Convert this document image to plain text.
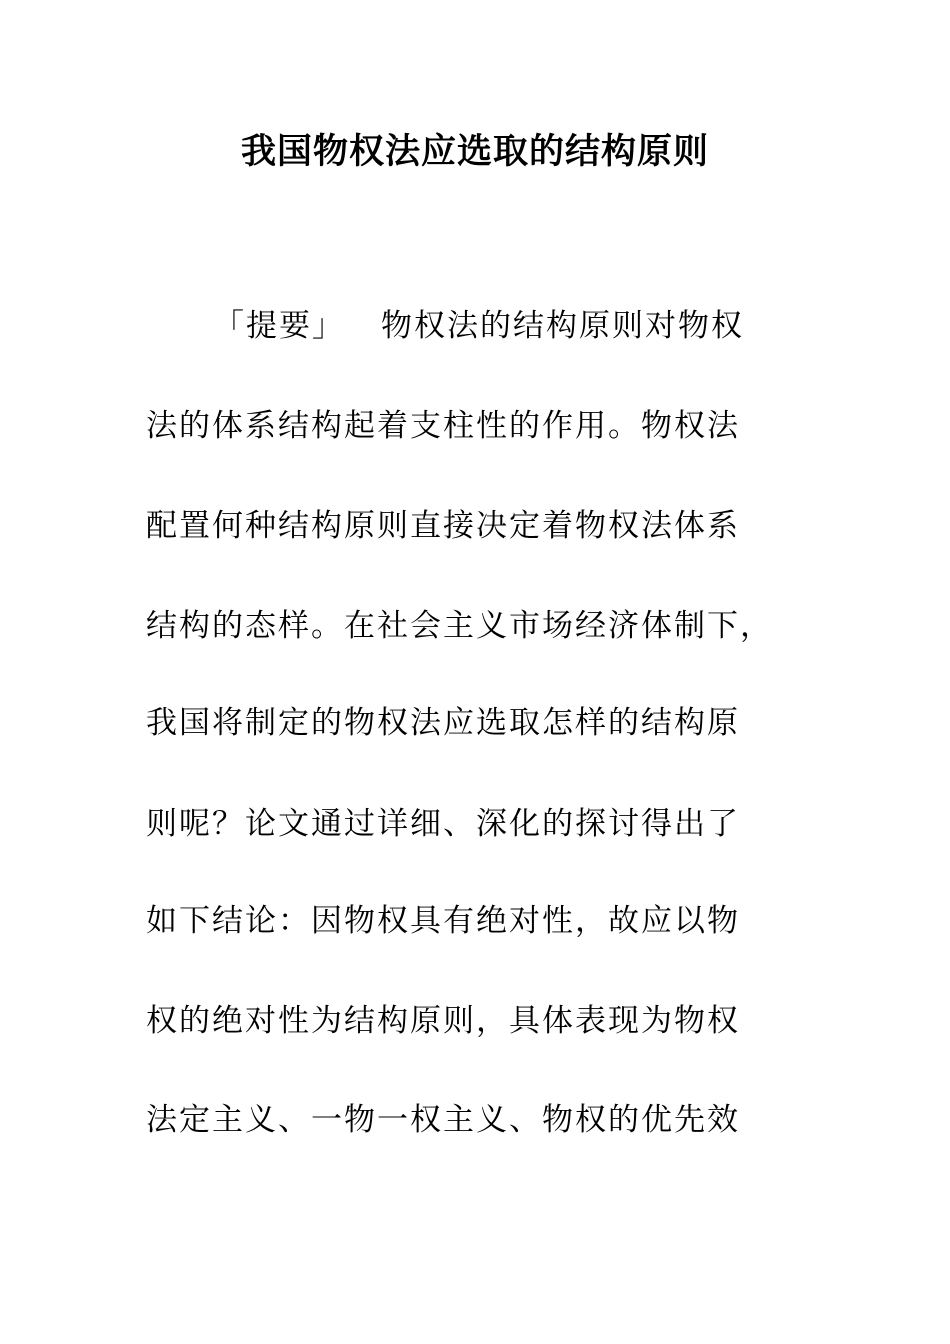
我国物权法应选取的结构原则
「提要」 物权法的结构原则对物权
法的体系结构起着支柱性的作用。物权法
配置何种结构原则直接决定着物权法体系
结构的态样。在社会主义市场经济体制下，
我国将制定的物权法应选取怎样的结构原
则呢？论文通过详细、深化的探讨得出了
如下结论：因物权具有绝对性，故应以物
权的绝对性为结构原则，具体表现为物权
法定主义、一物一权主义、物权的优先效
